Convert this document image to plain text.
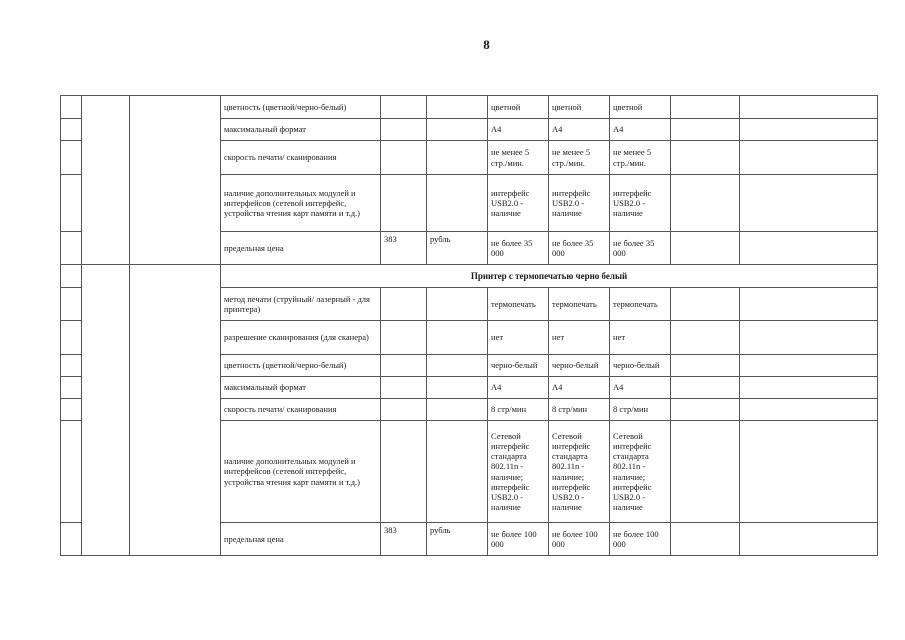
8
			цветность (цветной/черно-белый)			цветной	цветной	цветной		
			максимальный формат			А4	А4	А4		
			скорость печати/ сканирования			не менее 5 стр./мин.	не менее 5 стр./мин.	не менее 5 стр./мин.		
			наличие дополнительных модулей и интерфейсов (сетевой интерфейс, устройства чтения карт памяти и т.д.)			интерфейс USB2.0 - наличие	интерфейс USB2.0 - наличие	интерфейс USB2.0 - наличие		
			предельная цена	383	рубль	не более 35 000	не более 35 000	не более 35 000		
			Принтер с термопечатью черно белый							
			метод печати (струйный/ лазерный - для принтера)			термопечать	термопечать	термопечать		
			разрешение сканирования (для сканера)			нет	нет	нет		
			цветность (цветной/черно-белый)			черно-белый	черно-белый	черно-белый		
			максимальный формат			А4	А4	А4		
			скорость печати/ сканирования			8 стр/мин	8 стр/мин	8 стр/мин		
			наличие дополнительных модулей и интерфейсов (сетевой интерфейс, устройства чтения карт памяти и т.д.)			Сетевой интерфейс стандарта 802.11n - наличие; интерфейс USB2.0 - наличие	Сетевой интерфейс стандарта 802.11n - наличие; интерфейс USB2.0 - наличие	Сетевой интерфейс стандарта 802.11n - наличие; интерфейс USB2.0 - наличие		
			предельная цена	383	рубль	не более 100 000	не более 100 000	не более 100 000		
